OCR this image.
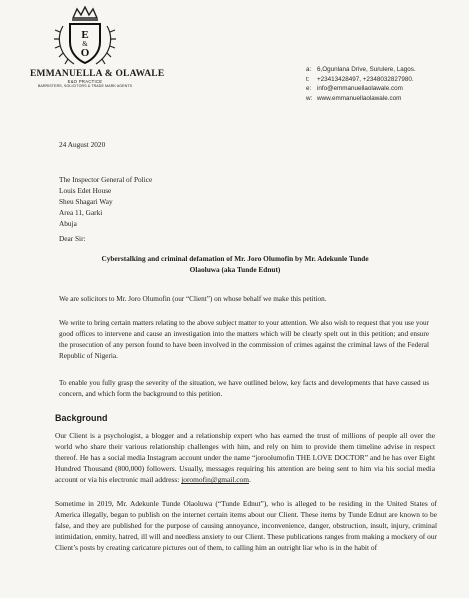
E
&
O
EMMANUELLA & OLAWALE
E&O PRACTICE
BARRISTERS, SOLICITORS & TRADE MARK AGENTS
a: 6,Ogunlana Drive, Surulere, Lagos.
t:	+23413428497, +2348032827980.
e: info@emmanuellaolawale.com
w: www.emmanuellaolawale.com
24 August 2020
The Inspector General of Police
Louis Edet House
Sheu Shagari Way
Area 11, Garki
Abuja
Dear Sir:
Cyberstalking and criminal defamation of Mr. Joro Olumofin by Mr. Adekunle Tunde
Olaoluwa (aka Tunde Ednut)
We are solicitors to Mr. Joro Olumofin (our “Client”) on whose behalf we make this petition.
We write to bring certain matters relating to the above subject matter to your attention. We also wish to request that you use your good offices to intervene and cause an investigation into the matters which will be clearly spelt out in this petition; and ensure the prosecution of any person found to have been involved in the commission of crimes against the criminal laws of the Federal Republic of Nigeria.
To enable you fully grasp the severity of the situation, we have outlined below, key facts and developments that have caused us concern, and which form the background to this petition.
Background
Our Client is a psychologist, a blogger and a relationship expert who has earned the trust of millions of people all over the world who share their various relationship challenges with him, and rely on him to provide them timeline advise in respect thereof. He has a social media Instagram account under the name “joroolumofin THE LOVE DOCTOR” and he has over Eight Hundred Thousand (800,000) followers. Usually, messages requiring his attention are being sent to him via his social media account or via his electronic mail address: joromofin@gmail.com.
Sometime in 2019, Mr. Adekunle Tunde Olaoluwa (“Tunde Ednut”), who is alleged to be residing in the United States of America illegally, began to publish on the internet certain items about our Client. These items by Tunde Ednut are known to be false, and they are published for the purpose of causing annoyance, inconvenience, danger, obstruction, insult, injury, criminal intimidation, enmity, hatred, ill will and needless anxiety to our Client. These publications ranges from making a mockery of our Client’s posts by creating caricature pictures out of them, to calling him an outright liar who is in the habit of
